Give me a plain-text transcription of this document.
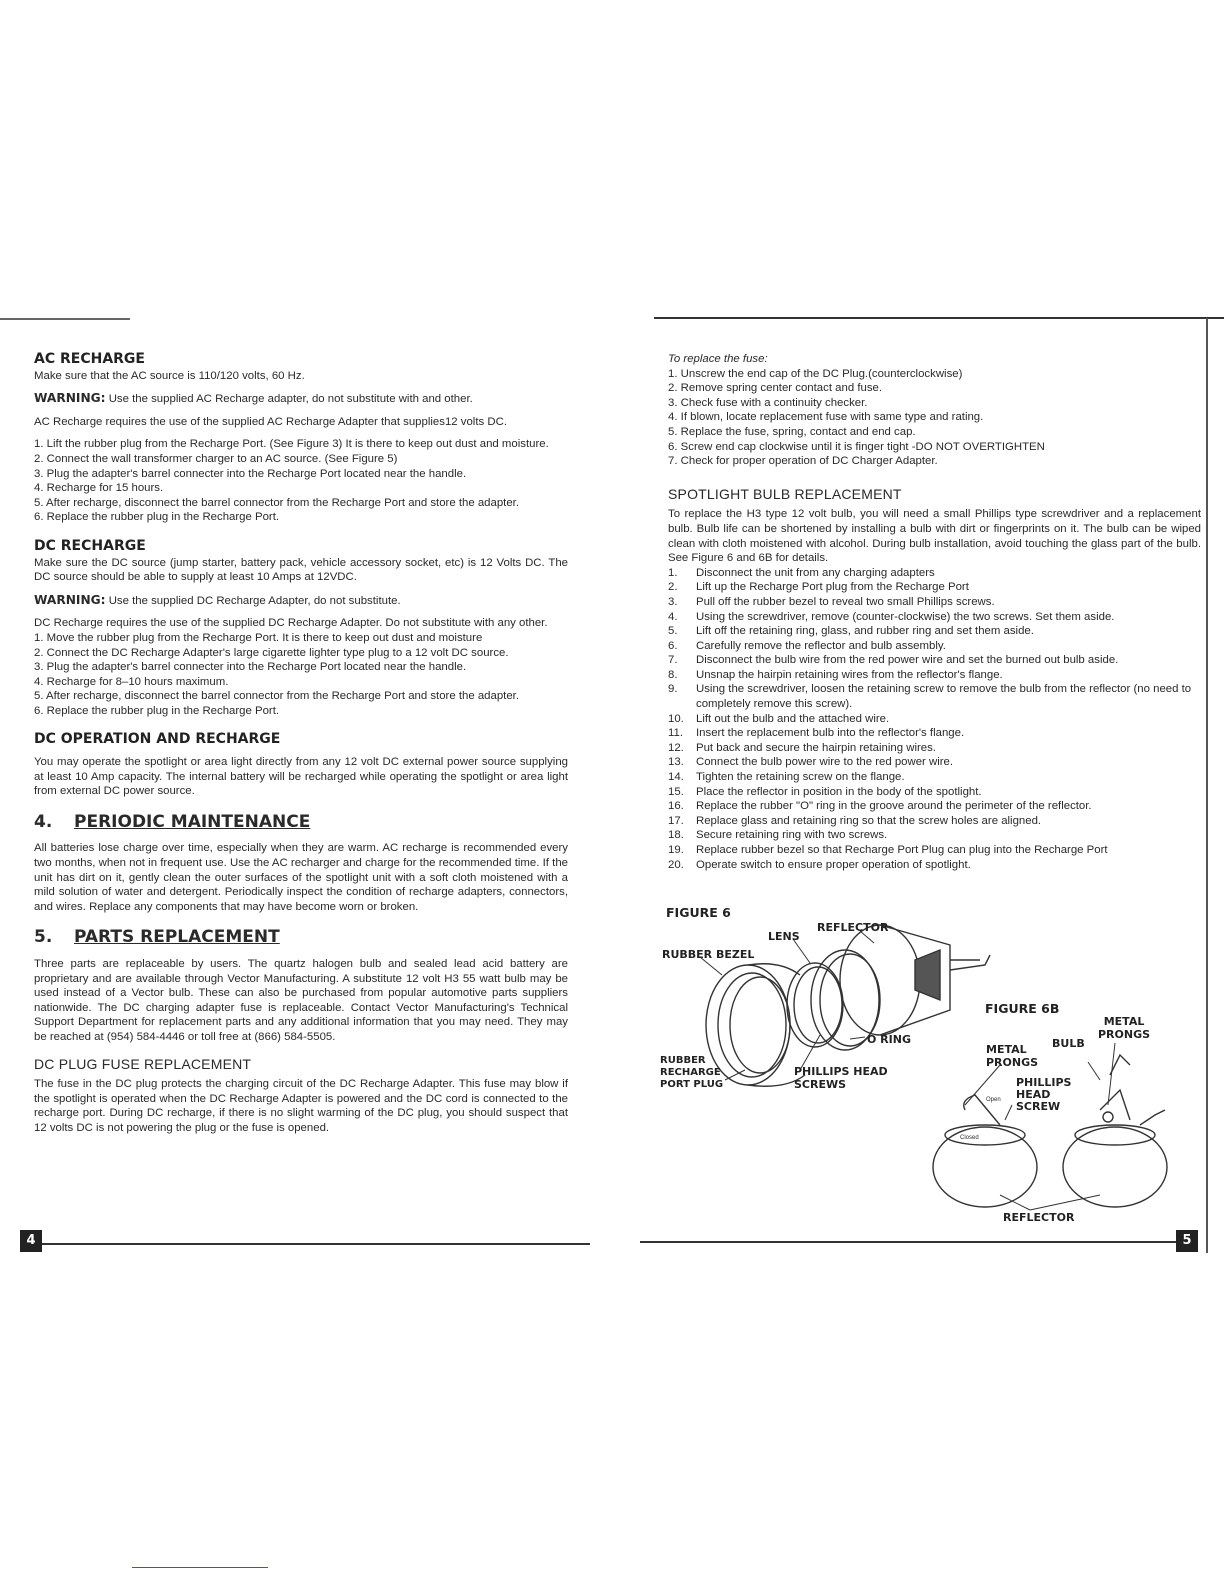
4	5
AC RECHARGE

Make sure that the AC source is 110/120 volts, 60 Hz.

WARNING: Use the supplied AC Recharge adapter, do not substitute with and other.

AC Recharge requires the use of the supplied AC Recharge Adapter that supplies12 volts DC.

1. Lift the rubber plug from the Recharge Port. (See Figure 3) It is there to keep out dust and moisture.
2. Connect the wall transformer charger to an AC source. (See Figure 5)
3. Plug the adapter's barrel connecter into the Recharge Port located near the handle.
4. Recharge for 15 hours.
5. After recharge, disconnect the barrel connector from the Recharge Port and store the adapter.
6. Replace the rubber plug in the Recharge Port.
DC RECHARGE

Make sure the DC source (jump starter, battery pack, vehicle accessory socket, etc) is 12 Volts DC. The DC source should be able to supply at least 10 Amps at 12VDC.

WARNING: Use the supplied DC Recharge Adapter, do not substitute.

DC Recharge requires the use of the supplied DC Recharge Adapter. Do not substitute with any other.

1. Move the rubber plug from the Recharge Port. It is there to keep out dust and moisture
2. Connect the DC Recharge Adapter's large cigarette lighter type plug to a 12 volt DC source.
3. Plug the adapter's barrel connecter into the Recharge Port located near the handle.
4. Recharge for 8–10 hours maximum.
5. After recharge, disconnect the barrel connector from the Recharge Port and store the adapter.
6. Replace the rubber plug in the Recharge Port.
DC OPERATION AND RECHARGE

You may operate the spotlight or area light directly from any 12 volt DC external power source supplying at least 10 Amp capacity. The internal battery will be recharged while operating the spotlight or area light from external DC power source.

4.	PERIODIC MAINTENANCE

All batteries lose charge over time, especially when they are warm. AC recharge is recommended every two months, when not in frequent use. Use the AC recharger and charge for the recommended time. If the unit has dirt on it, gently clean the outer surfaces of the spotlight unit with a soft cloth moistened with a mild solution of water and detergent. Periodically inspect the condition of recharge adapters, connectors, and wires. Replace any components that may have become worn or broken.

5.	PARTS REPLACEMENT

Three parts are replaceable by users. The quartz halogen bulb and sealed lead acid battery are proprietary and are available through Vector Manufacturing. A substitute 12 volt H3 55 watt bulb may be used instead of a Vector bulb. These can also be purchased from popular automotive parts suppliers nationwide. The DC charging adapter fuse is replaceable. Contact Vector Manufacturing's Technical Support Department for replacement parts and any additional information that you may need. They may be reached at (954) 584-4446 or toll free at (866) 584-5505.

DC PLUG FUSE REPLACEMENT

The fuse in the DC plug protects the charging circuit of the DC Recharge Adapter. This fuse may blow if the spotlight is operated when the DC Recharge Adapter is powered and the DC cord is connected to the recharge port. During DC recharge, if there is no slight warming of the DC plug, you should suspect that 12 volts DC is not powering the plug or the fuse is opened.

To replace the fuse:

1. Unscrew the end cap of the DC Plug.(counterclockwise)
2. Remove spring center contact and fuse.
3. Check fuse with a continuity checker.
4. If blown, locate replacement fuse with same type and rating.
5. Replace the fuse, spring, contact and end cap.
6. Screw end cap clockwise until it is finger tight -DO NOT OVERTIGHTEN
7. Check for proper operation of DC Charger Adapter.
SPOTLIGHT BULB REPLACEMENT

To replace the H3 type 12 volt bulb, you will need a small Phillips type screwdriver and a replacement bulb. Bulb life can be shortened by installing a bulb with dirt or fingerprints on it. The bulb can be wiped clean with cloth moistened with alcohol. During bulb installation, avoid touching the glass part of the bulb. See Figure 6 and 6B for details.

1.	Disconnect the unit from any charging adapters
2.	Lift up the Recharge Port plug from the Recharge Port
3.	Pull off the rubber bezel to reveal two small Phillips screws.
4.	Using the screwdriver, remove (counter-clockwise) the two screws. Set them aside.
5.	Lift off the retaining ring, glass, and rubber ring and set them aside.
6.	Carefully remove the reflector and bulb assembly.
7.	Disconnect the bulb wire from the red power wire and set the burned out bulb aside.
8.	Unsnap the hairpin retaining wires from the reflector's flange.
9.	Using the screwdriver, loosen the retaining screw to remove the bulb from the reflector (no need to completely remove this screw).
10.	Lift out the bulb and the attached wire.
11.	Insert the replacement bulb into the reflector's flange.
12.	Put back and secure the hairpin retaining wires.
13.	Connect the bulb power wire to the red power wire.
14.	Tighten the retaining screw on the flange.
15.	Place the reflector in position in the body of the spotlight.
16.	Replace the rubber "O" ring in the groove around the perimeter of the reflector.
17.	Replace glass and retaining ring so that the screw holes are aligned.
18.	Secure retaining ring with two screws.
19.	Replace rubber bezel so that Recharge Port Plug can plug into the Recharge Port
20.	Operate switch to ensure proper operation of spotlight.
FIGURE 6
LENS
REFLECTOR
RUBBER BEZEL
O RING
RUBBER
RECHARGE
PORT PLUG
PHILLIPS HEAD
SCREWS
FIGURE 6B
METAL
PRONGS
BULB
METAL
PRONGS
PHILLIPS
HEAD
SCREW
Open
Closed
REFLECTOR
